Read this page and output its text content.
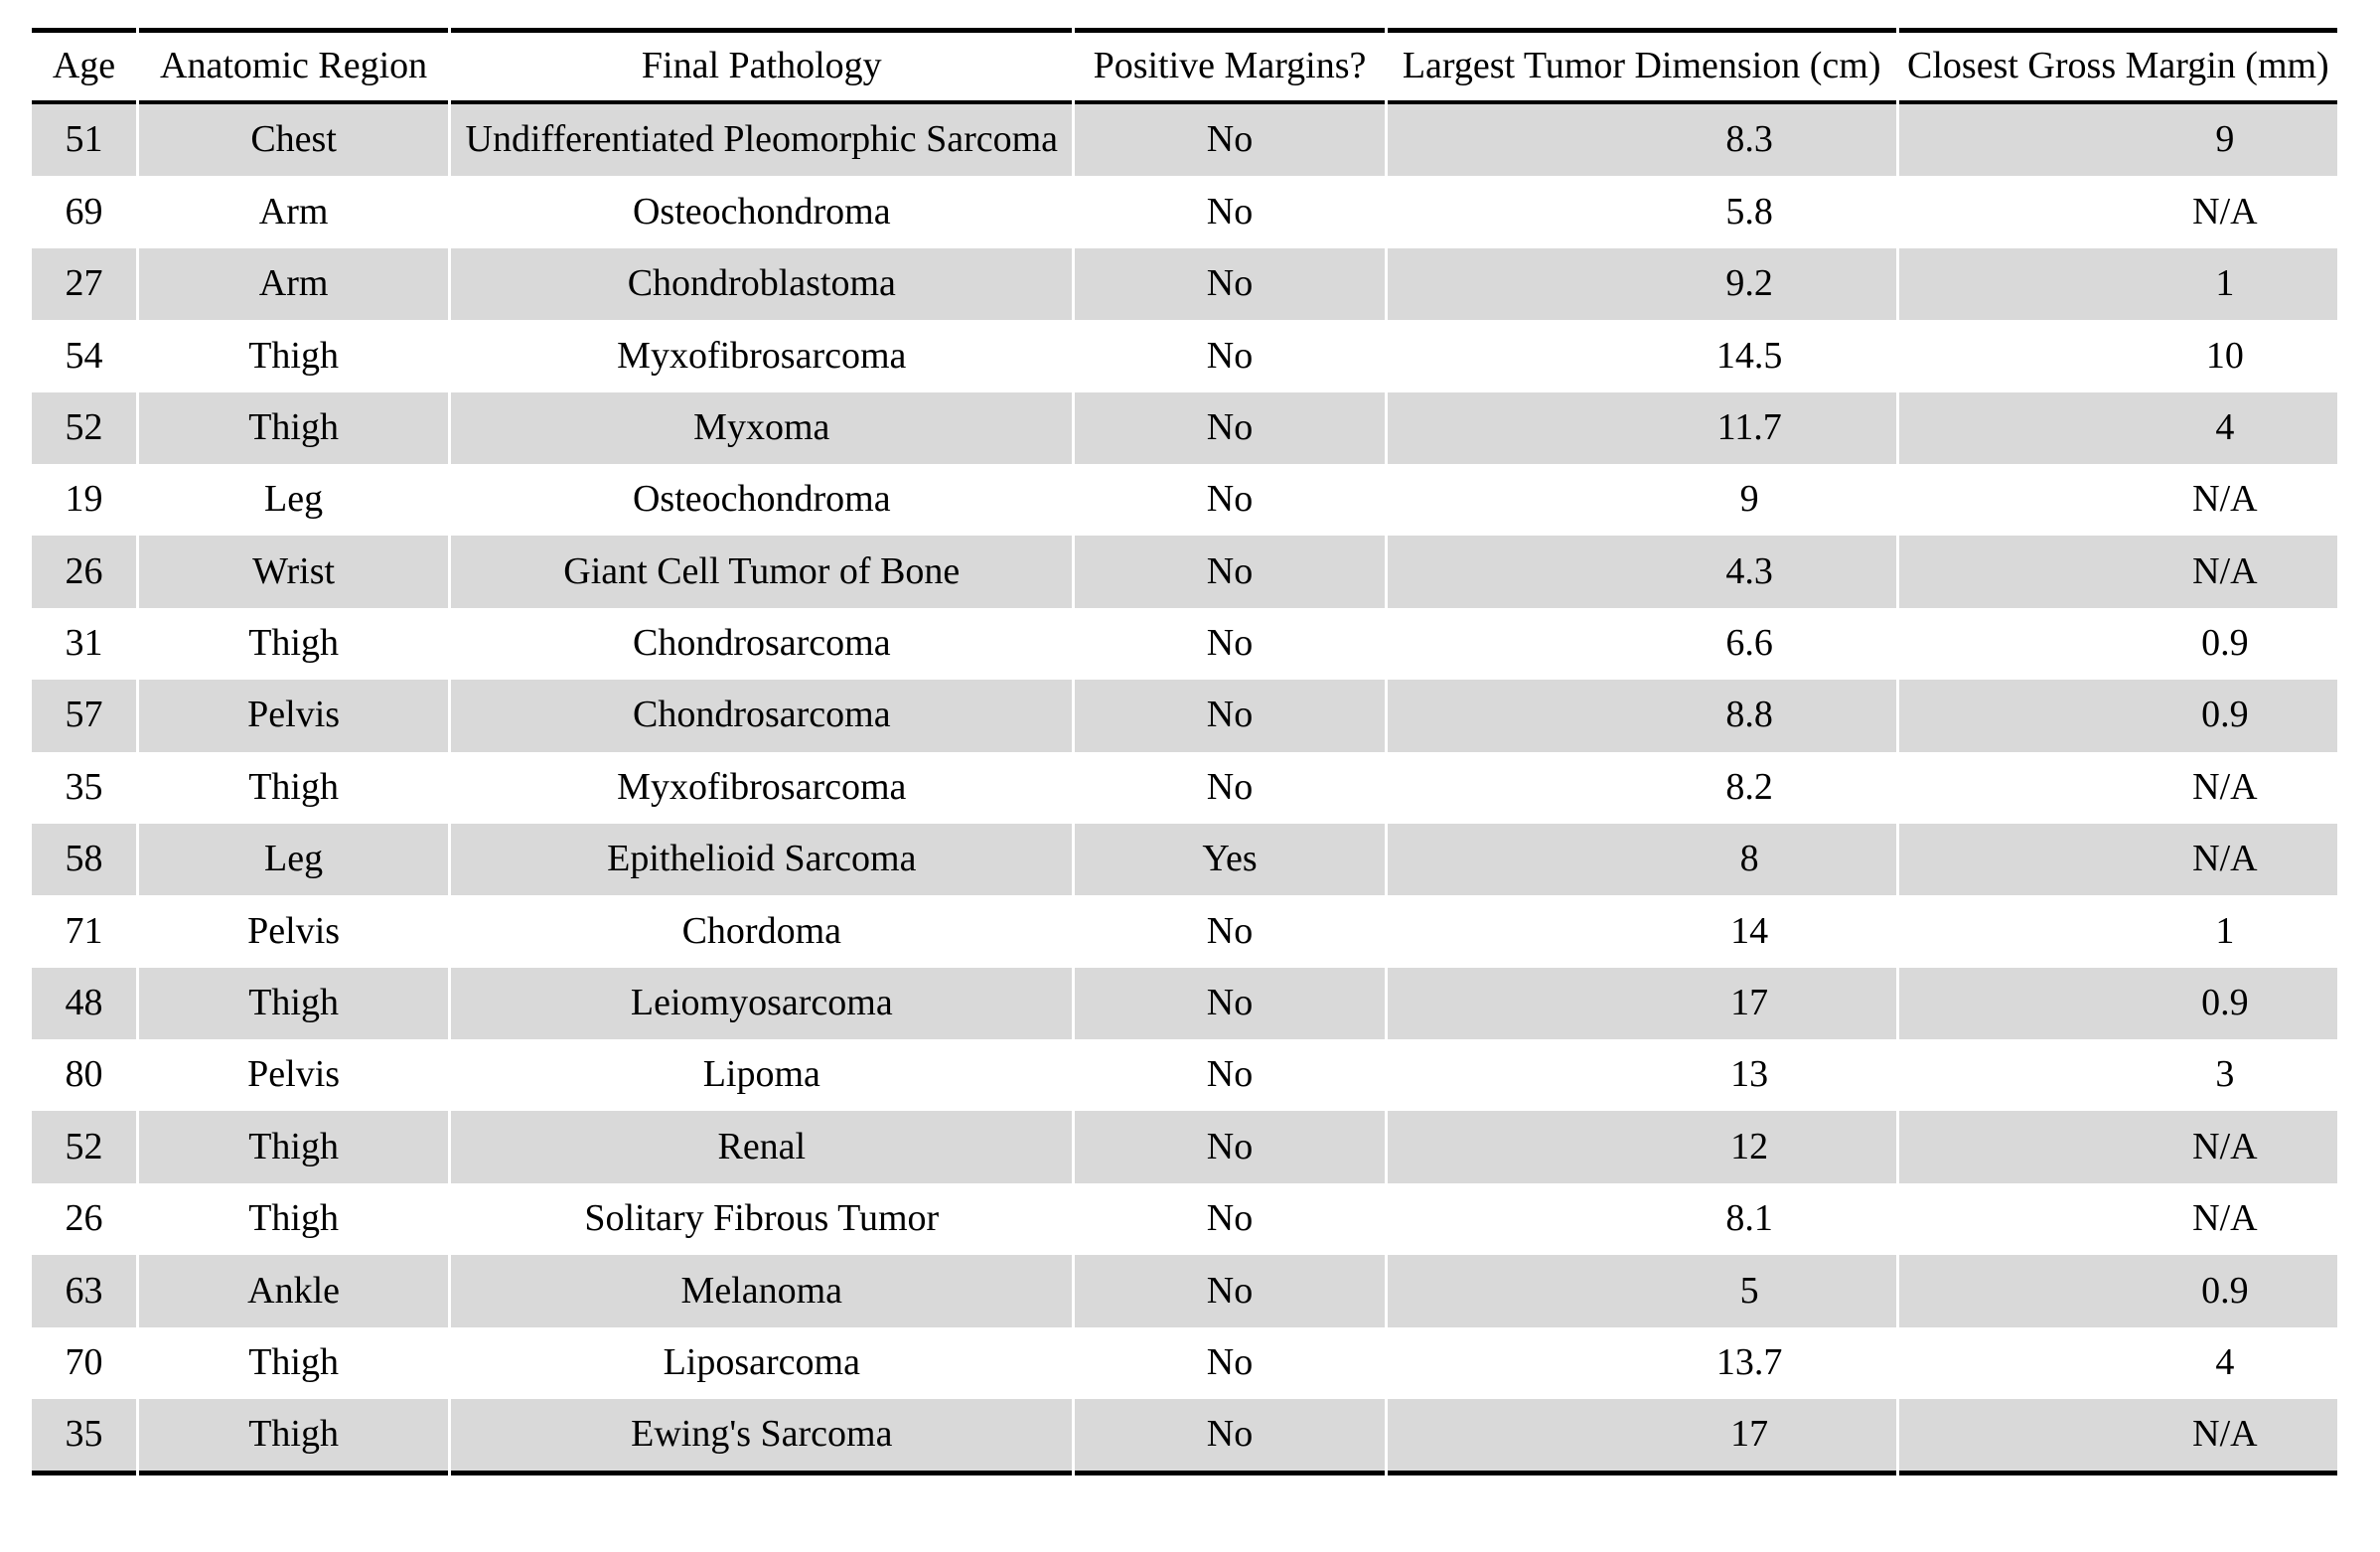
Age	Anatomic Region	Final Pathology	Positive Margins?	Largest Tumor Dimension (cm)	Closest Gross Margin (mm)
51	Chest	Undifferentiated Pleomorphic Sarcoma	No	8.3	9
69	Arm	Osteochondroma	No	5.8	N/A
27	Arm	Chondroblastoma	No	9.2	1
54	Thigh	Myxofibrosarcoma	No	14.5	10
52	Thigh	Myxoma	No	11.7	4
19	Leg	Osteochondroma	No	9	N/A
26	Wrist	Giant Cell Tumor of Bone	No	4.3	N/A
31	Thigh	Chondrosarcoma	No	6.6	0.9
57	Pelvis	Chondrosarcoma	No	8.8	0.9
35	Thigh	Myxofibrosarcoma	No	8.2	N/A
58	Leg	Epithelioid Sarcoma	Yes	8	N/A
71	Pelvis	Chordoma	No	14	1
48	Thigh	Leiomyosarcoma	No	17	0.9
80	Pelvis	Lipoma	No	13	3
52	Thigh	Renal	No	12	N/A
26	Thigh	Solitary Fibrous Tumor	No	8.1	N/A
63	Ankle	Melanoma	No	5	0.9
70	Thigh	Liposarcoma	No	13.7	4
35	Thigh	Ewing's Sarcoma	No	17	N/A
